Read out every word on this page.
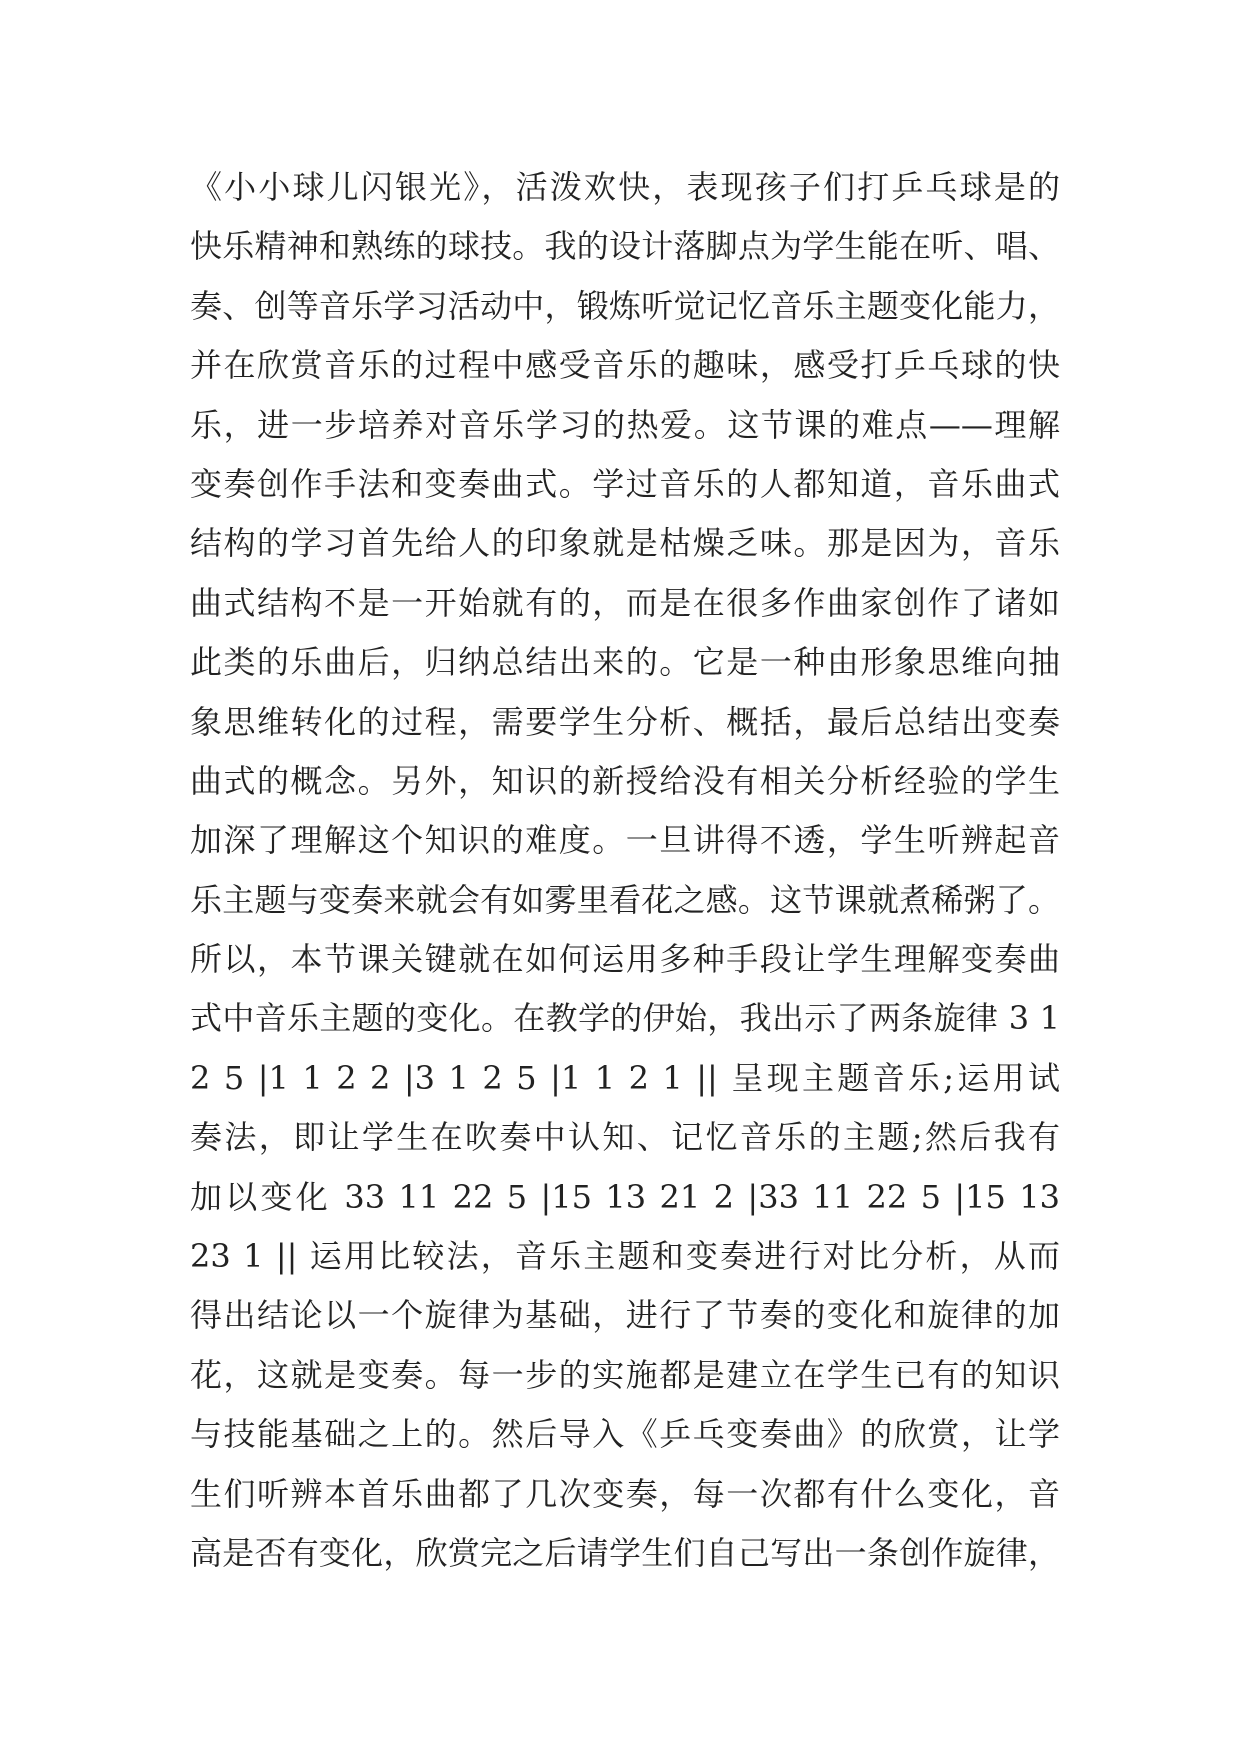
《小小球儿闪银光》，活泼欢快，表现孩子们打乒乓球是的
快乐精神和熟练的球技。我的设计落脚点为学生能在听、唱、
奏、创等音乐学习活动中，锻炼听觉记忆音乐主题变化能力，
并在欣赏音乐的过程中感受音乐的趣味，感受打乒乓球的快
乐，进一步培养对音乐学习的热爱。这节课的难点——理解
变奏创作手法和变奏曲式。学过音乐的人都知道，音乐曲式
结构的学习首先给人的印象就是枯燥乏味。那是因为，音乐
曲式结构不是一开始就有的，而是在很多作曲家创作了诸如
此类的乐曲后，归纳总结出来的。它是一种由形象思维向抽
象思维转化的过程，需要学生分析、概括，最后总结出变奏
曲式的概念。另外，知识的新授给没有相关分析经验的学生
加深了理解这个知识的难度。一旦讲得不透，学生听辨起音
乐主题与变奏来就会有如雾里看花之感。这节课就煮稀粥了。
所以，本节课关键就在如何运用多种手段让学生理解变奏曲
式中音乐主题的变化。在教学的伊始，我出示了两条旋律 3 1
2 5 |1 1 2 2 |3 1 2 5 |1 1 2 1 || 呈现主题音乐;运用试
奏法，即让学生在吹奏中认知、记忆音乐的主题;然后我有
加以变化 33 11 22 5 |15 13 21 2 |33 11 22 5 |15 13
23 1 || 运用比较法，音乐主题和变奏进行对比分析，从而
得出结论以一个旋律为基础，进行了节奏的变化和旋律的加
花，这就是变奏。每一步的实施都是建立在学生已有的知识
与技能基础之上的。然后导入《乒乓变奏曲》的欣赏，让学
生们听辨本首乐曲都了几次变奏，每一次都有什么变化，音
高是否有变化，欣赏完之后请学生们自己写出一条创作旋律，
